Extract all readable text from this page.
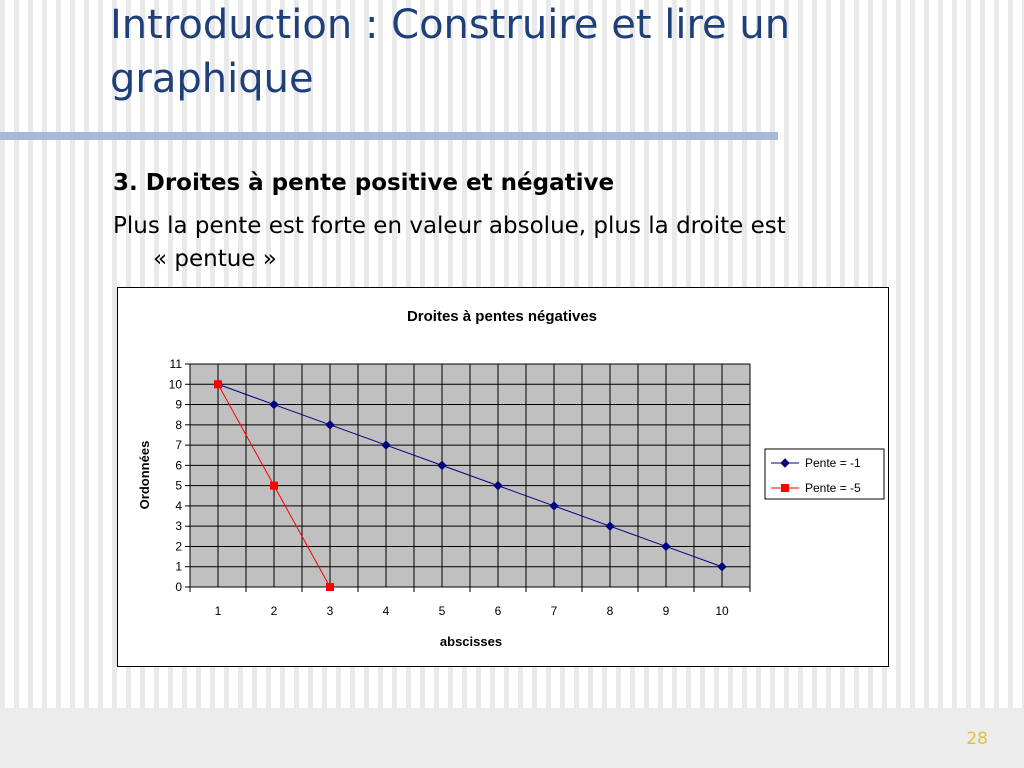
Introduction : Construire et lire un graphique
3. Droites à pente positive et négative
Plus la pente est forte en valeur absolue, plus la droite est
« pentue »
Droites à pentes négatives
0
1
2
3
4
5
6
7
8
9
10
11
1	2	3	4	5	6	7	8	9	10
abscisses
Ordonnées	Pente = -1
Pente = -5
28
